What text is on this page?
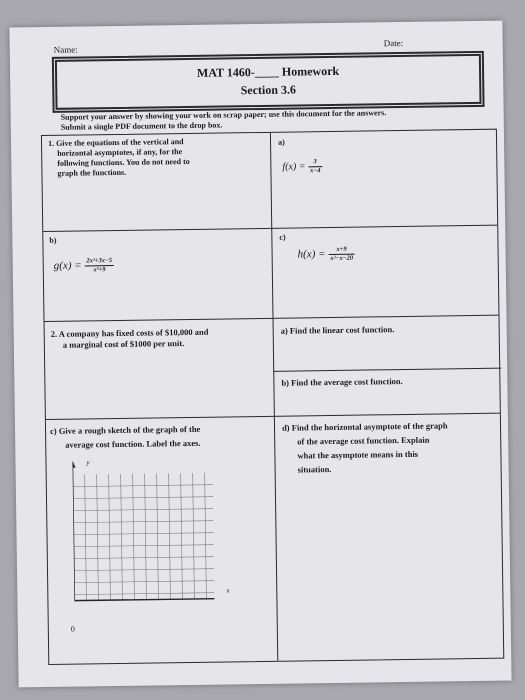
Name:
Date:
MAT 1460-____ Homework
Section 3.6
Support your answer by showing your work on scrap paper; use this document for the answers.
Submit a single PDF document to the drop box.
1. Give the equations of the vertical and
horizontal asymptotes, if any, for the
following functions. You do not need to
graph the functions.
a)
$f(x) = \frac{3}{x-4}$
b)
$g(x) = \frac{\text{2x²+3x−5}}{\text{x²+9}}$
c)
$h(x) = \frac{x+9}{\text{x²−x−20}}$
2. A company has fixed costs of $10,000 and
a marginal cost of $1000 per unit.
a) Find the linear cost function.
b) Find the average cost function.
c) Give a rough sketch of the graph of the
average cost function. Label the axes.
d) Find the horizontal asymptote of the graph
of the average cost function. Explain
what the asymptote means in this
situation.
y
x
0
